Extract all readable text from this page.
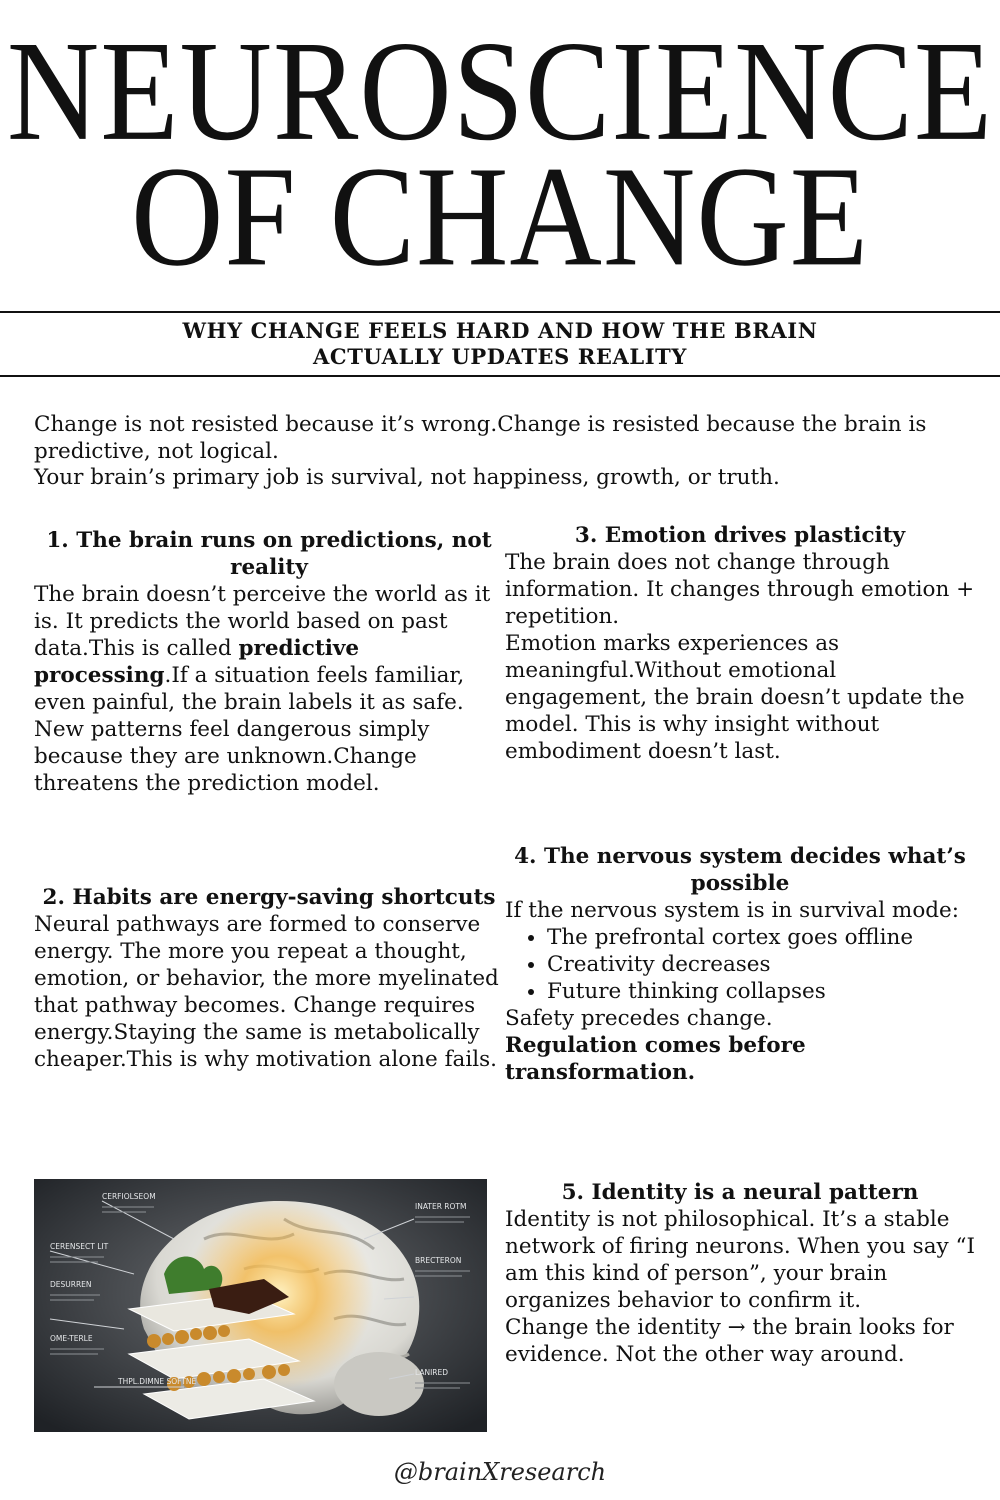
NEUROSCIENCE
OF CHANGE
WHY CHANGE FEELS HARD AND HOW THE BRAIN
ACTUALLY UPDATES REALITY

Change is not resisted because it’s wrong.Change is resisted because the brain is predictive, not logical.

Your brain’s primary job is survival, not happiness, growth, or truth.

1. The brain runs on predictions, not reality

The brain doesn’t perceive the world as it is. It predicts the world based on past data.This is called predictive processing.If a situation feels familiar, even painful, the brain labels it as safe. New patterns feel dangerous simply because they are unknown.Change threatens the prediction model.

2. Habits are energy-saving shortcuts

Neural pathways are formed to conserve energy. The more you repeat a thought, emotion, or behavior, the more myelinated that pathway becomes. Change requires energy.Staying the same is metabolically cheaper.This is why motivation alone fails.

3. Emotion drives plasticity

The brain does not change through information. It changes through emotion + repetition.

Emotion marks experiences as meaningful.Without emotional engagement, the brain doesn’t update the model. This is why insight without embodiment doesn’t last.

4. The nervous system decides what’s possible

If the nervous system is in survival mode:

• The prefrontal cortex goes offline
• Creativity decreases
• Future thinking collapses

Safety precedes change.

Regulation comes before transformation.

5. Identity is a neural pattern

Identity is not philosophical. It’s a stable network of firing neurons. When you say “I am this kind of person”, your brain organizes behavior to confirm it.

Change the identity → the brain looks for evidence. Not the other way around.

CERFIOLSEOM
CERENSECT LIT
DESURREN
OME-TERLE
THPL.DIMNE SOFTNE
INATER ROTM
BRECTERON
LANIRED
@brainXresearch
